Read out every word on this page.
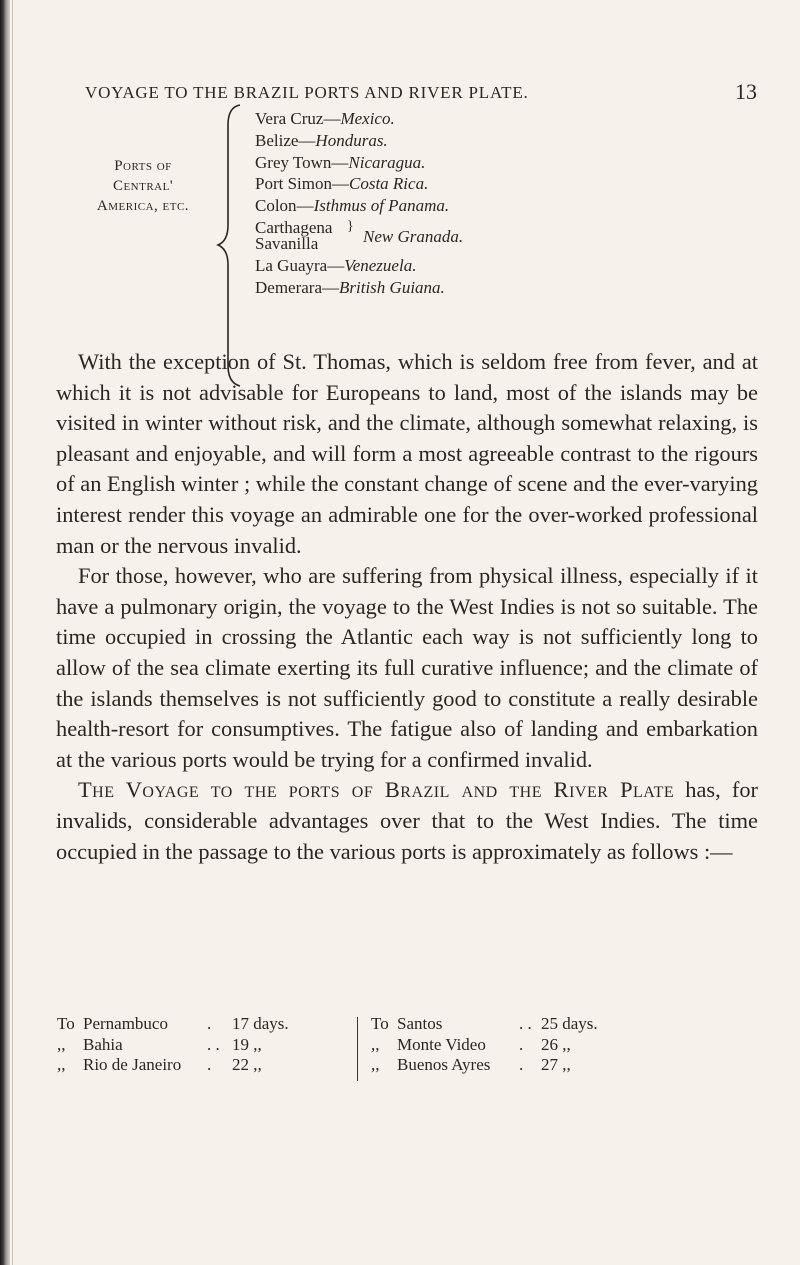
VOYAGE TO THE BRAZIL PORTS AND RIVER PLATE.	13
Ports of
Central'
America, etc.
Vera Cruz—Mexico.
Belize—Honduras.
Grey Town—Nicaragua.
Port Simon—Costa Rica.
Colon—Isthmus of Panama.
Carthagena
Savanilla
}
New Granada.
La Guayra—Venezuela.
Demerara—British Guiana.

With the exception of St. Thomas, which is seldom free from fever, and at which it is not advisable for Europeans to land, most of the islands may be visited in winter without risk, and the climate, although somewhat relaxing, is pleasant and enjoyable, and will form a most agreeable contrast to the rigours of an English winter ; while the constant change of scene and the ever-varying interest render this voyage an admirable one for the over-worked professional man or the nervous invalid.

For those, however, who are suffering from physical illness, especially if it have a pulmonary origin, the voyage to the West Indies is not so suitable. The time occupied in crossing the Atlantic each way is not sufficiently long to allow of the sea climate exerting its full curative influence; and the climate of the islands themselves is not sufficiently good to constitute a really desirable health-resort for consumptives. The fatigue also of landing and embarkation at the various ports would be trying for a confirmed invalid.

The Voyage to the ports of Brazil and the River Plate has, for invalids, considerable advantages over that to the West Indies. The time occupied in the passage to the various ports is approximately as follows :—

To Pernambuco . 17 days.
,, Bahia	. . 19 ,,
,, Rio de Janeiro . 22 ,,
To Santos	. . 25 days.
,, Monte Video . 26 ,,
,, Buenos Ayres . 27 ,,
